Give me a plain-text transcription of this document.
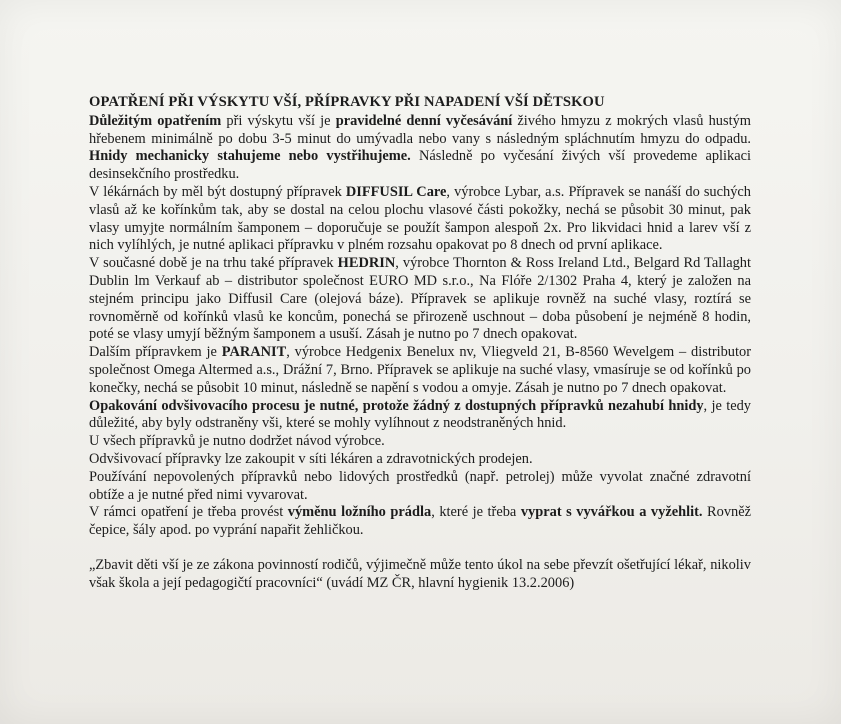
OPATŘENÍ PŘI VÝSKYTU VŠÍ, PŘÍPRAVKY PŘI NAPADENÍ VŠÍ DĚTSKOU

Důležitým opatřením při výskytu vší je pravidelné denní vyčesávání živého hmyzu z mokrých vlasů hustým hřebenem minimálně po dobu 3-5 minut do umývadla nebo vany s následným spláchnutím hmyzu do odpadu. Hnidy mechanicky stahujeme nebo vystřihujeme. Následně po vyčesání živých vší provedeme aplikaci desinsekčního prostředku.

V lékárnách by měl být dostupný přípravek DIFFUSIL Care, výrobce Lybar, a.s. Přípravek se nanáší do suchých vlasů až ke kořínkům tak, aby se dostal na celou plochu vlasové části pokožky, nechá se působit 30 minut, pak vlasy umyjte normálním šamponem – doporučuje se použít šampon alespoň 2x. Pro likvidaci hnid a larev vší z nich vylíhlých, je nutné aplikaci přípravku v plném rozsahu opakovat po 8 dnech od první aplikace.

V současné době je na trhu také přípravek HEDRIN, výrobce Thornton & Ross Ireland Ltd., Belgard Rd Tallaght Dublin lm Verkauf ab – distributor společnost EURO MD s.r.o., Na Flóře 2/1302 Praha 4, který je založen na stejném principu jako Diffusil Care (olejová báze). Přípravek se aplikuje rovněž na suché vlasy, roztírá se rovnoměrně od kořínků vlasů ke koncům, ponechá se přirozeně uschnout – doba působení je nejméně 8 hodin, poté se vlasy umyjí běžným šamponem a usuší. Zásah je nutno po 7 dnech opakovat.

Dalším přípravkem je PARANIT, výrobce Hedgenix Benelux nv, Vliegveld 21, B-8560 Wevelgem – distributor společnost Omega Altermed a.s., Drážní 7, Brno. Přípravek se aplikuje na suché vlasy, vmasíruje se od kořínků po konečky, nechá se působit 10 minut, následně se napění s vodou a omyje. Zásah je nutno po 7 dnech opakovat.

Opakování odvšivovacího procesu je nutné, protože žádný z dostupných přípravků nezahubí hnidy, je tedy důležité, aby byly odstraněny vši, které se mohly vylíhnout z neodstraněných hnid.

U všech přípravků je nutno dodržet návod výrobce.

Odvšivovací přípravky lze zakoupit v síti lékáren a zdravotnických prodejen.

Používání nepovolených přípravků nebo lidových prostředků (např. petrolej) může vyvolat značné zdravotní obtíže a je nutné před nimi vyvarovat.

V rámci opatření je třeba provést výměnu ložního prádla, které je třeba vyprat s vyvářkou a vyžehlit. Rovněž čepice, šály apod. po vyprání napařit žehličkou.

„Zbavit děti vší je ze zákona povinností rodičů, výjimečně může tento úkol na sebe převzít ošetřující lékař, nikoliv však škola a její pedagogičtí pracovníci“ (uvádí MZ ČR, hlavní hygienik 13.2.2006)
